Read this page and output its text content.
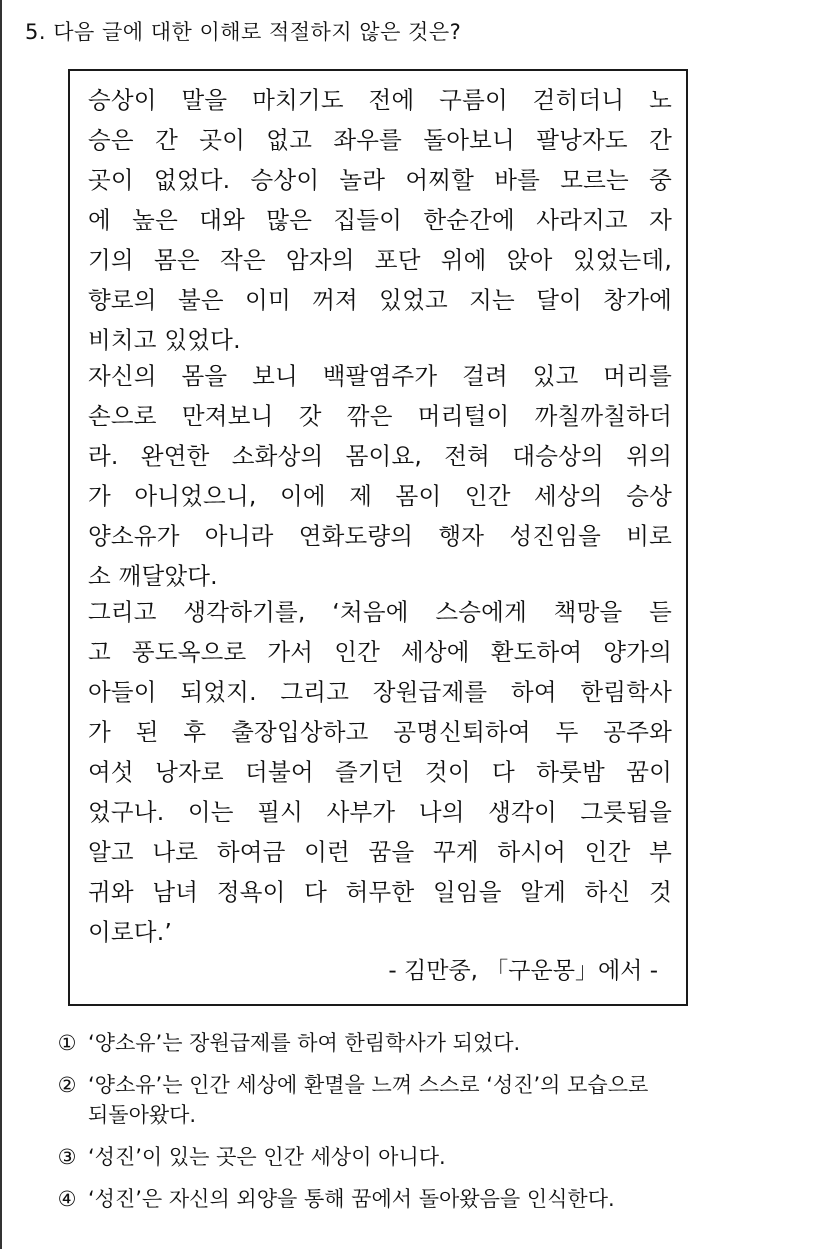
5. 다음 글에 대한 이해로 적절하지 않은 것은?
승상이 말을 마치기도 전에 구름이 걷히더니 노
승은 간 곳이 없고 좌우를 돌아보니 팔낭자도 간
곳이 없었다. 승상이 놀라 어찌할 바를 모르는 중
에 높은 대와 많은 집들이 한순간에 사라지고 자
기의 몸은 작은 암자의 포단 위에 앉아 있었는데,
향로의 불은 이미 꺼져 있었고 지는 달이 창가에
비치고 있었다.
자신의 몸을 보니 백팔염주가 걸려 있고 머리를
손으로 만져보니 갓 깎은 머리털이 까칠까칠하더
라. 완연한 소화상의 몸이요, 전혀 대승상의 위의
가 아니었으니, 이에 제 몸이 인간 세상의 승상
양소유가 아니라 연화도량의 행자 성진임을 비로
소 깨달았다.
그리고 생각하기를, ‘처음에 스승에게 책망을 듣
고 풍도옥으로 가서 인간 세상에 환도하여 양가의
아들이 되었지. 그리고 장원급제를 하여 한림학사
가 된 후 출장입상하고 공명신퇴하여 두 공주와
여섯 낭자로 더불어 즐기던 것이 다 하룻밤 꿈이
었구나. 이는 필시 사부가 나의 생각이 그릇됨을
알고 나로 하여금 이런 꿈을 꾸게 하시어 인간 부
귀와 남녀 정욕이 다 허무한 일임을 알게 하신 것
이로다.’
- 김만중, 「구운몽」에서 -
① ‘양소유’는 장원급제를 하여 한림학사가 되었다.
② ‘양소유’는 인간 세상에 환멸을 느껴 스스로 ‘성진’의 모습으로 되돌아왔다.
③ ‘성진’이 있는 곳은 인간 세상이 아니다.
④ ‘성진’은 자신의 외양을 통해 꿈에서 돌아왔음을 인식한다.
